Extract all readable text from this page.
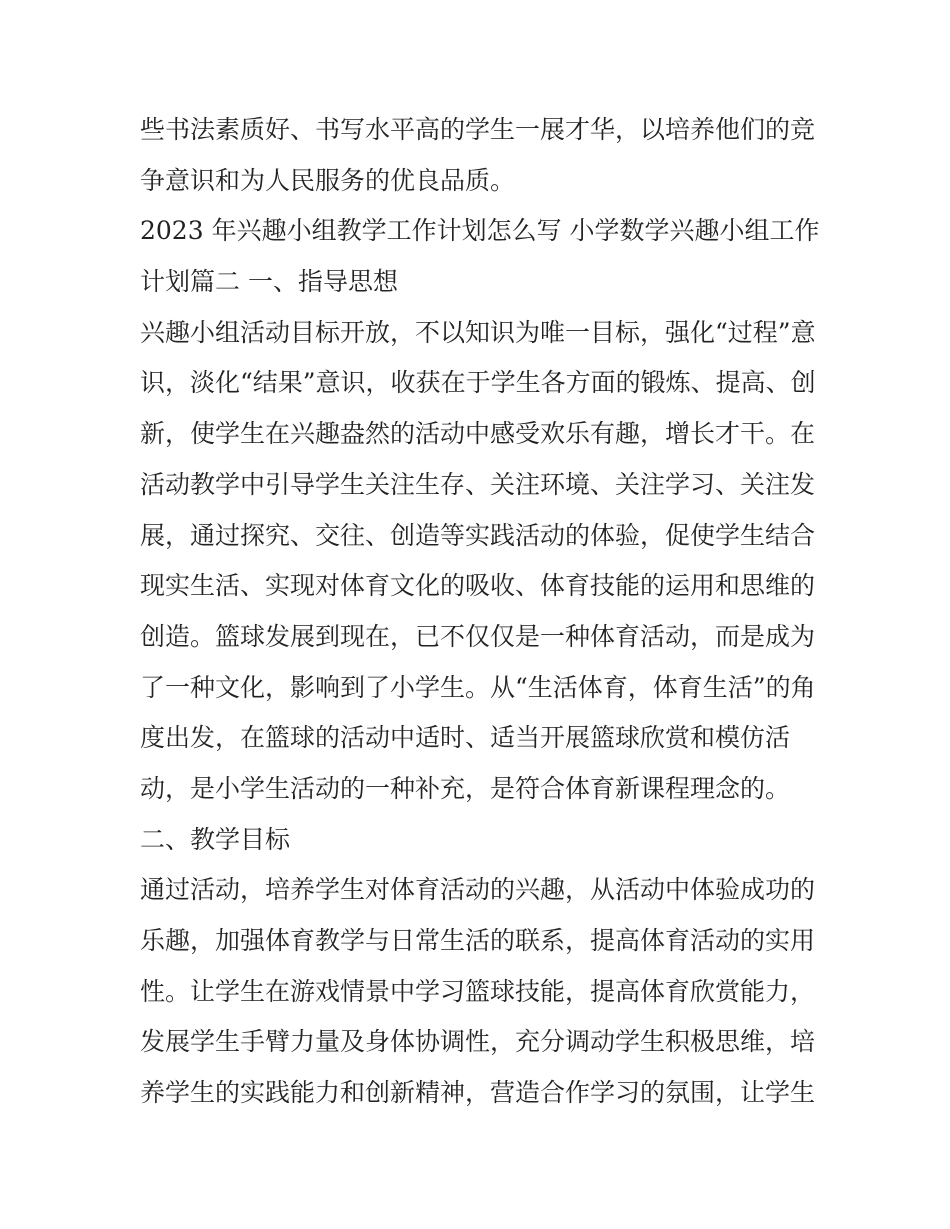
些书法素质好、书写水平高的学生一展才华，以培养他们的竞
争意识和为人民服务的优良品质。
2023 年兴趣小组教学工作计划怎么写 小学数学兴趣小组工作
计划篇二 一、指导思想
兴趣小组活动目标开放，不以知识为唯一目标，强化“过程”意
识，淡化“结果”意识，收获在于学生各方面的锻炼、提高、创
新，使学生在兴趣盎然的活动中感受欢乐有趣，增长才干。在
活动教学中引导学生关注生存、关注环境、关注学习、关注发
展，通过探究、交往、创造等实践活动的体验，促使学生结合
现实生活、实现对体育文化的吸收、体育技能的运用和思维的
创造。篮球发展到现在，已不仅仅是一种体育活动，而是成为
了一种文化，影响到了小学生。从“生活体育，体育生活”的角
度出发，在篮球的活动中适时、适当开展篮球欣赏和模仿活
动，是小学生活动的一种补充，是符合体育新课程理念的。
二、教学目标
通过活动，培养学生对体育活动的兴趣，从活动中体验成功的
乐趣，加强体育教学与日常生活的联系，提高体育活动的实用
性。让学生在游戏情景中学习篮球技能，提高体育欣赏能力，
发展学生手臂力量及身体协调性，充分调动学生积极思维，培
养学生的实践能力和创新精神，营造合作学习的氛围，让学生
